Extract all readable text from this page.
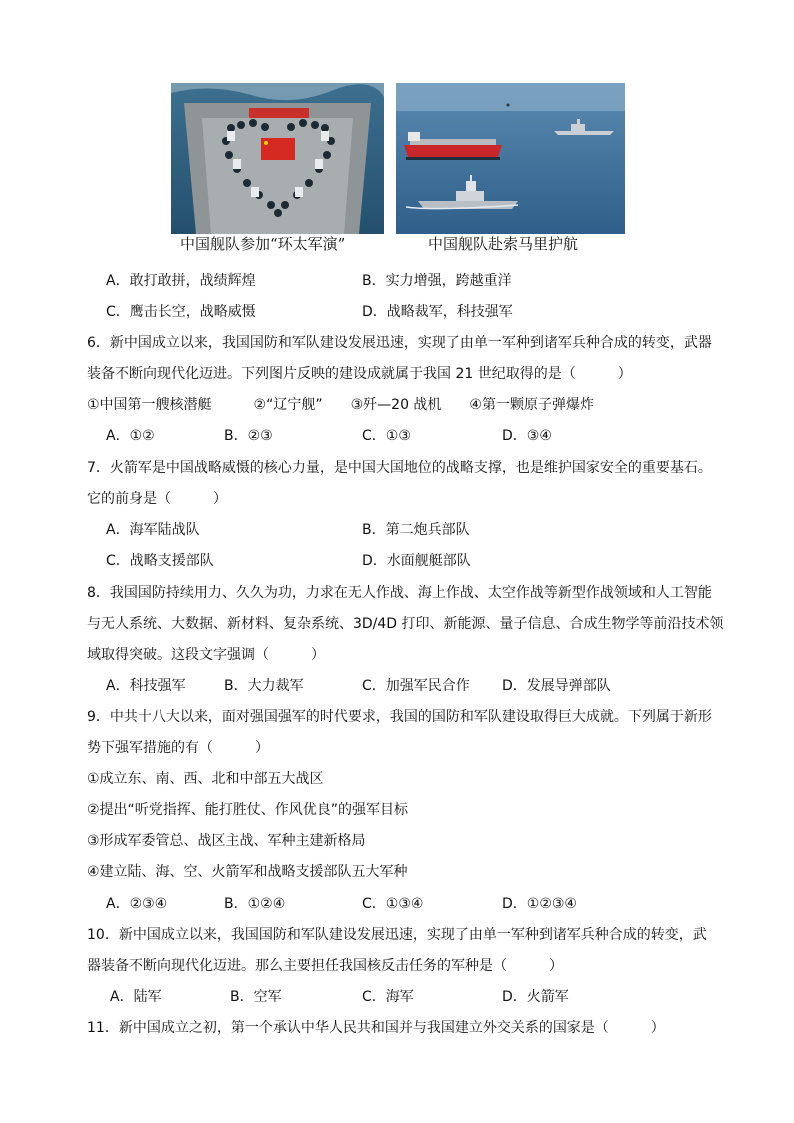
中国舰队参加“环太军演”	中国舰队赴索马里护航
A．敢打敢拼，战绩辉煌	B．实力增强，跨越重洋
C．鹰击长空，战略威慑	D．战略裁军，科技强军
6．新中国成立以来，我国国防和军队建设发展迅速，实现了由单一军种到诸军兵种合成的转变，武器
装备不断向现代化迈进。下列图片反映的建设成就属于我国 21 世纪取得的是（　　　）
①中国第一艘核潜艇　　　②“辽宁舰”　　③歼—20 战机　　④第一颗原子弹爆炸
A．①②	B．②③	C．①③	D．③④
7．火箭军是中国战略威慑的核心力量，是中国大国地位的战略支撑，也是维护国家安全的重要基石。
它的前身是（　　　）
A．海军陆战队	B．第二炮兵部队
C．战略支援部队	D．水面舰艇部队
8．我国国防持续用力、久久为功，力求在无人作战、海上作战、太空作战等新型作战领域和人工智能
与无人系统、大数据、新材料、复杂系统、3D/4D 打印、新能源、量子信息、合成生物学等前沿技术领
域取得突破。这段文字强调（　　　）
A．科技强军	B．大力裁军	C．加强军民合作 D．发展导弹部队
9．中共十八大以来，面对强国强军的时代要求，我国的国防和军队建设取得巨大成就。下列属于新形
势下强军措施的有（　　　）
①成立东、南、西、北和中部五大战区
②提出“听党指挥、能打胜仗、作风优良”的强军目标
③形成军委管总、战区主战、军种主建新格局
④建立陆、海、空、火箭军和战略支援部队五大军种
A．②③④	B．①②④	C．①③④	D．①②③④
10．新中国成立以来，我国国防和军队建设发展迅速，实现了由单一军种到诸军兵种合成的转变，武
器装备不断向现代化迈进。那么主要担任我国核反击任务的军种是（　　　）
A．陆军	B．空军	C．海军	D．火箭军
11．新中国成立之初，第一个承认中华人民共和国并与我国建立外交关系的国家是（　　　）
